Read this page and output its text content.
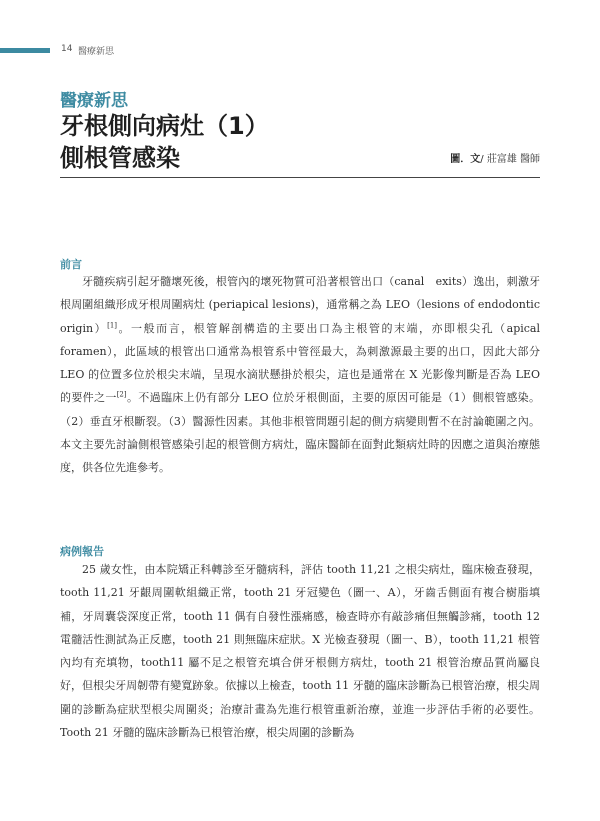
14 醫療新思
醫療新思
牙根側向病灶（1）
側根管感染	圖．文/ 莊富雄 醫師
前言

牙髓疾病引起牙髓壞死後，根管內的壞死物質可沿著根管出口（canal　exits）逸出，刺激牙根周圍組織形成牙根周圍病灶 (periapical lesions)，通常稱之為 LEO（lesions of endodontic origin）[1]。一般而言，根管解剖構造的主要出口為主根管的末端，亦即根尖孔（apical foramen），此區域的根管出口通常為根管系中管徑最大，為刺激源最主要的出口，因此大部分 LEO 的位置多位於根尖末端，呈現水滴狀懸掛於根尖，這也是通常在 X 光影像判斷是否為 LEO 的要件之一[2]。不過臨床上仍有部分 LEO 位於牙根側面，主要的原因可能是（1）側根管感染。（2）垂直牙根斷裂。（3）醫源性因素。其他非根管問題引起的側方病變則暫不在討論範圍之內。本文主要先討論側根管感染引起的根管側方病灶，臨床醫師在面對此類病灶時的因應之道與治療態度，供各位先進參考。

病例報告

25 歲女性，由本院矯正科轉診至牙髓病科，評估 tooth 11,21 之根尖病灶，臨床檢查發現，tooth 11,21 牙齦周圍軟組織正常，tooth 21 牙冠變色（圖一、A），牙齒舌側面有複合樹脂填補，牙周囊袋深度正常，tooth 11 偶有自發性漲痛感，檢查時亦有敲診痛但無觸診痛，tooth 12 電髓活性測試為正反應，tooth 21 則無臨床症狀。X 光檢查發現（圖一、B），tooth 11,21 根管內均有充填物，tooth11 屬不足之根管充填合併牙根側方病灶，tooth 21 根管治療品質尚屬良好，但根尖牙周韌帶有變寬跡象。依據以上檢查，tooth 11 牙髓的臨床診斷為已根管治療，根尖周圍的診斷為症狀型根尖周圍炎；治療計畫為先進行根管重新治療，並進一步評估手術的必要性。Tooth 21 牙髓的臨床診斷為已根管治療，根尖周圍的診斷為
